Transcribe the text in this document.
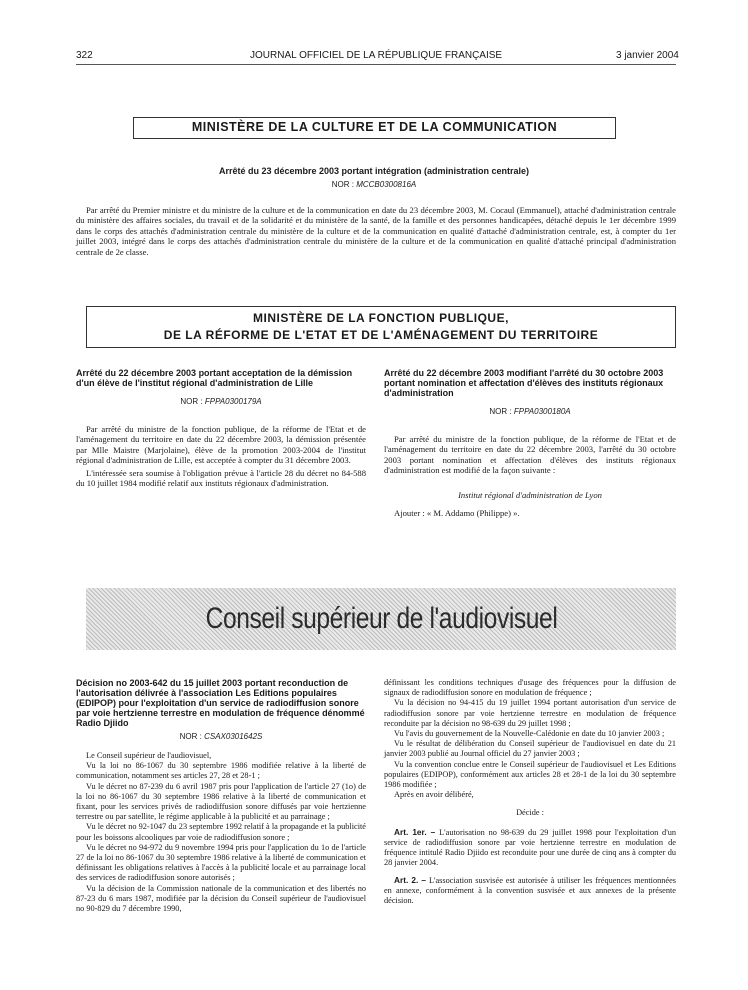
322	JOURNAL OFFICIEL DE LA RÉPUBLIQUE FRANÇAISE	3 janvier 2004
MINISTÈRE DE LA CULTURE ET DE LA COMMUNICATION
Arrêté du 23 décembre 2003 portant intégration (administration centrale)
NOR : MCCB0300816A

Par arrêté du Premier ministre et du ministre de la culture et de la communication en date du 23 décembre 2003, M. Cocaul (Emmanuel), attaché d'administration centrale du ministère des affaires sociales, du travail et de la solidarité et du ministère de la santé, de la famille et des personnes handicapées, détaché depuis le 1er décembre 1999 dans le corps des attachés d'administration centrale du ministère de la culture et de la communication en qualité d'attaché d'administration centrale, est, à compter du 1er juillet 2003, intégré dans le corps des attachés d'administration centrale du ministère de la culture et de la communication en qualité d'attaché principal d'administration centrale de 2e classe.

MINISTÈRE DE LA FONCTION PUBLIQUE,
DE LA RÉFORME DE L'ETAT ET DE L'AMÉNAGEMENT DU TERRITOIRE
Arrêté du 22 décembre 2003 portant acceptation de la démission d'un élève de l'institut régional d'administration de Lille
NOR : FPPA0300179A

Par arrêté du ministre de la fonction publique, de la réforme de l'Etat et de l'aménagement du territoire en date du 22 décembre 2003, la démission présentée par Mlle Maistre (Marjolaine), élève de la promotion 2003-2004 de l'institut régional d'administration de Lille, est acceptée à compter du 31 décembre 2003.

L'intéressée sera soumise à l'obligation prévue à l'article 28 du décret no 84-588 du 10 juillet 1984 modifié relatif aux instituts régionaux d'administration.

Arrêté du 22 décembre 2003 modifiant l'arrêté du 30 octobre 2003 portant nomination et affectation d'élèves des instituts régionaux d'administration
NOR : FPPA0300180A

Par arrêté du ministre de la fonction publique, de la réforme de l'Etat et de l'aménagement du territoire en date du 22 décembre 2003, l'arrêté du 30 octobre 2003 portant nomination et affectation d'élèves des instituts régionaux d'administration est modifié de la façon suivante :

Institut régional d'administration de Lyon

Ajouter : « M. Addamo (Philippe) ».

Conseil supérieur de l'audiovisuel
Décision no 2003-642 du 15 juillet 2003 portant reconduction de l'autorisation délivrée à l'association Les Editions populaires (EDIPOP) pour l'exploitation d'un service de radiodiffusion sonore par voie hertzienne terrestre en modulation de fréquence dénommé Radio Djiido
NOR : CSAX0301642S

Le Conseil supérieur de l'audiovisuel,

Vu la loi no 86-1067 du 30 septembre 1986 modifiée relative à la liberté de communication, notamment ses articles 27, 28 et 28-1 ;

Vu le décret no 87-239 du 6 avril 1987 pris pour l'application de l'article 27 (1o) de la loi no 86-1067 du 30 septembre 1986 relative à la liberté de communication et fixant, pour les services privés de radiodiffusion sonore diffusés par voie hertzienne terrestre ou par satellite, le régime applicable à la publicité et au parrainage ;

Vu le décret no 92-1047 du 23 septembre 1992 relatif à la propagande et la publicité pour les boissons alcooliques par voie de radiodiffusion sonore ;

Vu le décret no 94-972 du 9 novembre 1994 pris pour l'application du 1o de l'article 27 de la loi no 86-1067 du 30 septembre 1986 relative à la liberté de communication et définissant les obligations relatives à l'accès à la publicité locale et au parrainage local des services de radiodiffusion sonore autorisés ;

Vu la décision de la Commission nationale de la communication et des libertés no 87-23 du 6 mars 1987, modifiée par la décision du Conseil supérieur de l'audiovisuel no 90-829 du 7 décembre 1990,

définissant les conditions techniques d'usage des fréquences pour la diffusion de signaux de radiodiffusion sonore en modulation de fréquence ;

Vu la décision no 94-415 du 19 juillet 1994 portant autorisation d'un service de radiodiffusion sonore par voie hertzienne terrestre en modulation de fréquence reconduite par la décision no 98-639 du 29 juillet 1998 ;

Vu l'avis du gouvernement de la Nouvelle-Calédonie en date du 10 janvier 2003 ;

Vu le résultat de délibération du Conseil supérieur de l'audiovisuel en date du 21 janvier 2003 publié au Journal officiel du 27 janvier 2003 ;

Vu la convention conclue entre le Conseil supérieur de l'audiovisuel et Les Editions populaires (EDIPOP), conformément aux articles 28 et 28-1 de la loi du 30 septembre 1986 modifiée ;

Après en avoir délibéré,

Décide :

Art. 1er. – L'autorisation no 98-639 du 29 juillet 1998 pour l'exploitation d'un service de radiodiffusion sonore par voie hertzienne terrestre en modulation de fréquence intitulé Radio Djiido est reconduite pour une durée de cinq ans à compter du 28 janvier 2004.

Art. 2. – L'association susvisée est autorisée à utiliser les fréquences mentionnées en annexe, conformément à la convention susvisée et aux annexes de la présente décision.
